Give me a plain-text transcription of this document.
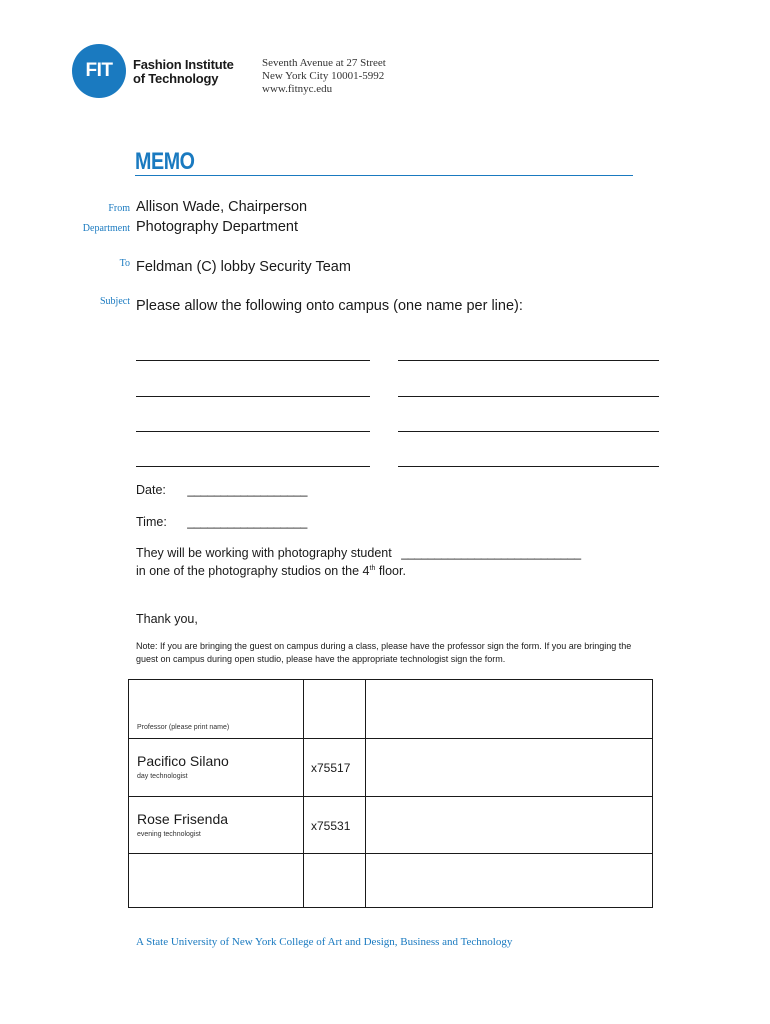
FIT Fashion Institute
of Technology
Seventh Avenue at 27 Street
New York City 10001-5992
www.fitnyc.edu
MEMO
From Allison Wade, Chairperson
Department Photography Department
To Feldman (C) lobby Security Team
Subject Please allow the following onto campus (one name per line):
Date: __________________
Time: __________________
They will be working with photography student ___________________________
in one of the photography studios on the 4th floor.
Thank you,
Note: If you are bringing the guest on campus during a class, please have the professor sign the form. If you are bringing the guest on campus during open studio, please have the appropriate technologist sign the form.
Professor (please print name)		

Pacifico Silano
day technologist	x75517	

Rose Frisenda
evening technologist	x75531	

A State University of New York College of Art and Design, Business and Technology
